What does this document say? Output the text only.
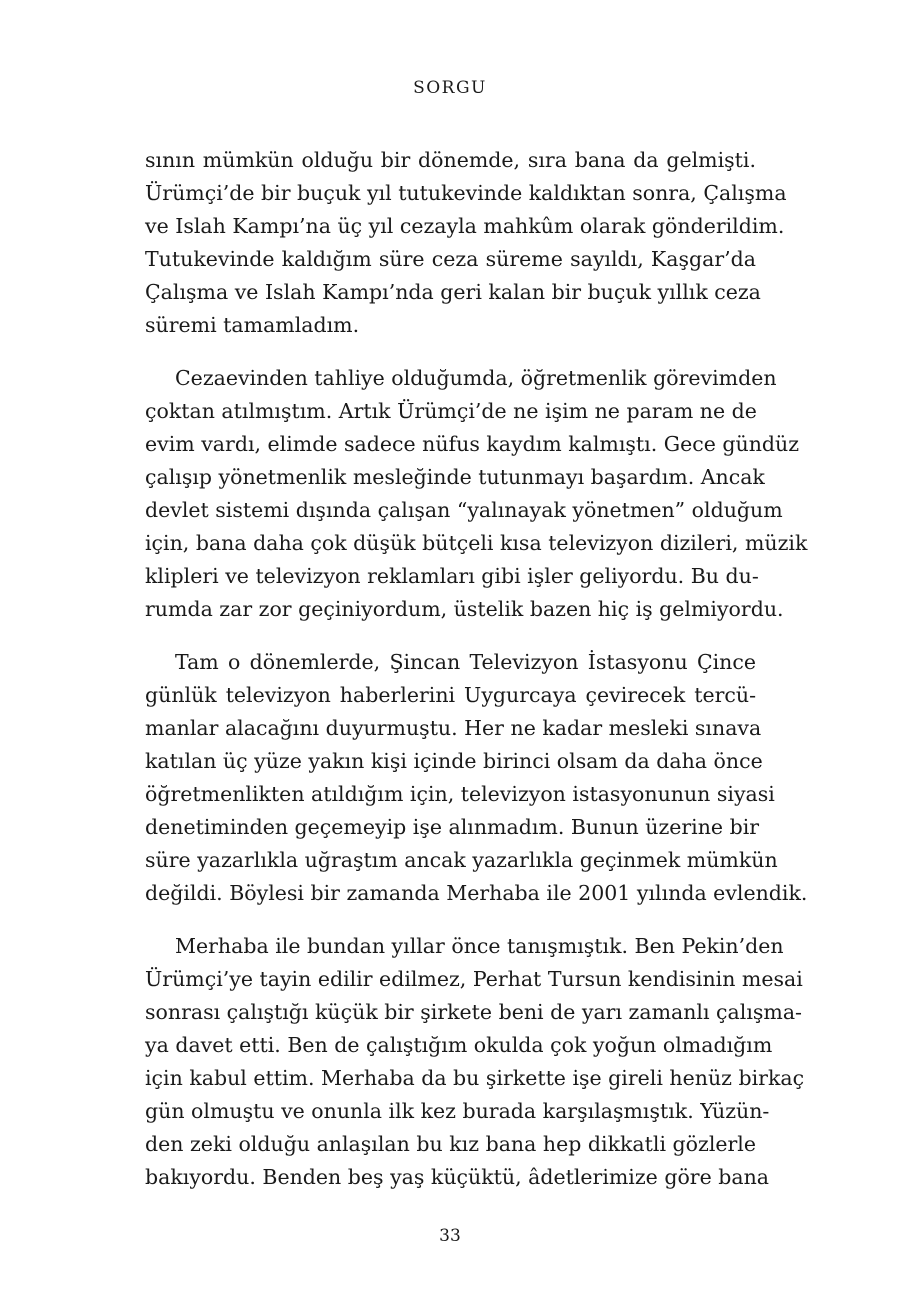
SORGU
sının mümkün olduğu bir dönemde, sıra bana da gelmişti.
Ürümçi’de bir buçuk yıl tutukevinde kaldıktan sonra, Çalışma
ve Islah Kampı’na üç yıl cezayla mahkûm olarak gönderildim.
Tutukevinde kaldığım süre ceza süreme sayıldı, Kaşgar’da
Çalışma ve Islah Kampı’nda geri kalan bir buçuk yıllık ceza
süremi tamamladım.
Cezaevinden tahliye olduğumda, öğretmenlik görevimden
çoktan atılmıştım. Artık Ürümçi’de ne işim ne param ne de
evim vardı, elimde sadece nüfus kaydım kalmıştı. Gece gündüz
çalışıp yönetmenlik mesleğinde tutunmayı başardım. Ancak
devlet sistemi dışında çalışan “yalınayak yönetmen” olduğum
için, bana daha çok düşük bütçeli kısa televizyon dizileri, müzik
klipleri ve televizyon reklamları gibi işler geliyordu. Bu du-
rumda zar zor geçiniyordum, üstelik bazen hiç iş gelmiyordu.
Tam o dönemlerde, Şincan Televizyon İstasyonu Çince
günlük televizyon haberlerini Uygurcaya çevirecek tercü-
manlar alacağını duyurmuştu. Her ne kadar mesleki sınava
katılan üç yüze yakın kişi içinde birinci olsam da daha önce
öğretmenlikten atıldığım için, televizyon istasyonunun siyasi
denetiminden geçemeyip işe alınmadım. Bunun üzerine bir
süre yazarlıkla uğraştım ancak yazarlıkla geçinmek mümkün
değildi. Böylesi bir zamanda Merhaba ile 2001 yılında evlendik.
Merhaba ile bundan yıllar önce tanışmıştık. Ben Pekin’den
Ürümçi’ye tayin edilir edilmez, Perhat Tursun kendisinin mesai
sonrası çalıştığı küçük bir şirkete beni de yarı zamanlı çalışma-
ya davet etti. Ben de çalıştığım okulda çok yoğun olmadığım
için kabul ettim. Merhaba da bu şirkette işe gireli henüz birkaç
gün olmuştu ve onunla ilk kez burada karşılaşmıştık. Yüzün-
den zeki olduğu anlaşılan bu kız bana hep dikkatli gözlerle
bakıyordu. Benden beş yaş küçüktü, âdetlerimize göre bana
33
